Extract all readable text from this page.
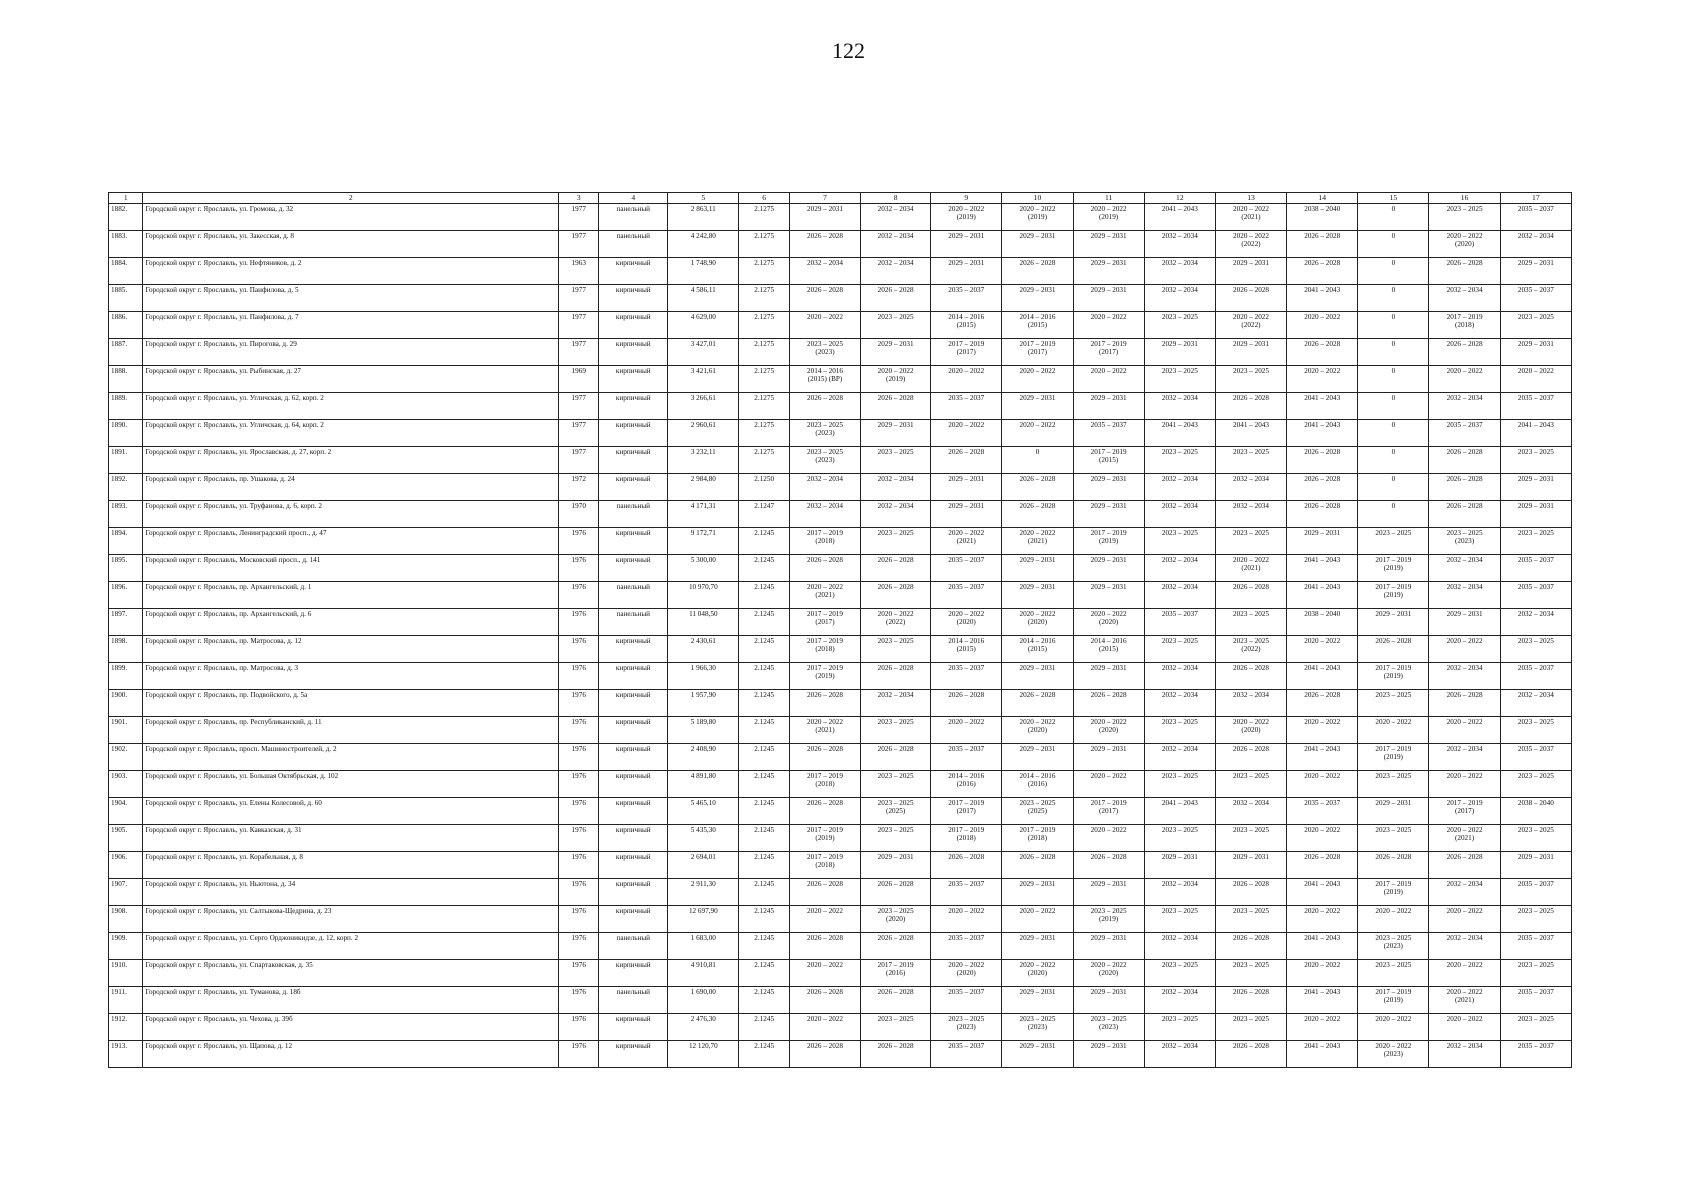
122
1	2	3	4	5	6	7	8	9	10	11	12	13	14	15	16	17
1882.	Городской округ г. Ярославль, ул. Громова, д. 32	1977	панельный	2 863,11	2.1275	2029 – 2031	2032 – 2034	2020 – 2022
(2019)	2020 – 2022
(2019)	2020 – 2022
(2019)	2041 – 2043	2020 – 2022
(2021)	2038 – 2040	0	2023 – 2025	2035 – 2037
1883.	Городской округ г. Ярославль, ул. Закесская, д. 8	1977	панельный	4 242,80	2.1275	2026 – 2028	2032 – 2034	2029 – 2031	2029 – 2031	2029 – 2031	2032 – 2034	2020 – 2022
(2022)	2026 – 2028	0	2020 – 2022
(2020)	2032 – 2034
1884.	Городской округ г. Ярославль, ул. Нефтяников, д. 2	1963	кирпичный	1 748,90	2.1275	2032 – 2034	2032 – 2034	2029 – 2031	2026 – 2028	2029 – 2031	2032 – 2034	2029 – 2031	2026 – 2028	0	2026 – 2028	2029 – 2031
1885.	Городской округ г. Ярославль, ул. Панфилова, д. 5	1977	кирпичный	4 586,11	2.1275	2026 – 2028	2026 – 2028	2035 – 2037	2029 – 2031	2029 – 2031	2032 – 2034	2026 – 2028	2041 – 2043	0	2032 – 2034	2035 – 2037
1886.	Городской округ г. Ярославль, ул. Панфилова, д. 7	1977	кирпичный	4 629,00	2.1275	2020 – 2022	2023 – 2025	2014 – 2016
(2015)	2014 – 2016
(2015)	2020 – 2022	2023 – 2025	2020 – 2022
(2022)	2020 – 2022	0	2017 – 2019
(2018)	2023 – 2025
1887.	Городской округ г. Ярославль, ул. Пирогова, д. 29	1977	кирпичный	3 427,01	2.1275	2023 – 2025
(2023)	2029 – 2031	2017 – 2019
(2017)	2017 – 2019
(2017)	2017 – 2019
(2017)	2029 – 2031	2029 – 2031	2026 – 2028	0	2026 – 2028	2029 – 2031
1888.	Городской округ г. Ярославль, ул. Рыбинская, д. 27	1969	кирпичный	3 421,61	2.1275	2014 – 2016
(2015) (ВР)	2020 – 2022
(2019)	2020 – 2022	2020 – 2022	2020 – 2022	2023 – 2025	2023 – 2025	2020 – 2022	0	2020 – 2022	2020 – 2022
1889.	Городской округ г. Ярославль, ул. Угличская, д. 62, корп. 2	1977	кирпичный	3 266,61	2.1275	2026 – 2028	2026 – 2028	2035 – 2037	2029 – 2031	2029 – 2031	2032 – 2034	2026 – 2028	2041 – 2043	0	2032 – 2034	2035 – 2037
1890.	Городской округ г. Ярославль, ул. Угличская, д. 64, корп. 2	1977	кирпичный	2 960,61	2.1275	2023 – 2025
(2023)	2029 – 2031	2020 – 2022	2020 – 2022	2035 – 2037	2041 – 2043	2041 – 2043	2041 – 2043	0	2035 – 2037	2041 – 2043
1891.	Городской округ г. Ярославль, ул. Ярославская, д. 27, корп. 2	1977	кирпичный	3 232,11	2.1275	2023 – 2025
(2023)	2023 – 2025	2026 – 2028	0	2017 – 2019
(2015)	2023 – 2025	2023 – 2025	2026 – 2028	0	2026 – 2028	2023 – 2025
1892.	Городской округ г. Ярославль, пр. Ушакова, д. 24	1972	кирпичный	2 984,80	2.1250	2032 – 2034	2032 – 2034	2029 – 2031	2026 – 2028	2029 – 2031	2032 – 2034	2032 – 2034	2026 – 2028	0	2026 – 2028	2029 – 2031
1893.	Городской округ г. Ярославль, ул. Труфанова, д. 6, корп. 2	1970	панельный	4 171,31	2.1247	2032 – 2034	2032 – 2034	2029 – 2031	2026 – 2028	2029 – 2031	2032 – 2034	2032 – 2034	2026 – 2028	0	2026 – 2028	2029 – 2031
1894.	Городской округ г. Ярославль, Ленинградский просп., д. 47	1976	кирпичный	9 172,71	2.1245	2017 – 2019
(2018)	2023 – 2025	2020 – 2022
(2021)	2020 – 2022
(2021)	2017 – 2019
(2019)	2023 – 2025	2023 – 2025	2029 – 2031	2023 – 2025	2023 – 2025
(2023)	2023 – 2025
1895.	Городской округ г. Ярославль, Московский просп., д. 141	1976	кирпичный	5 300,00	2.1245	2026 – 2028	2026 – 2028	2035 – 2037	2029 – 2031	2029 – 2031	2032 – 2034	2020 – 2022
(2021)	2041 – 2043	2017 – 2019
(2019)	2032 – 2034	2035 – 2037
1896.	Городской округ г. Ярославль, пр. Архангельский, д. 1	1976	панельный	10 970,70	2.1245	2020 – 2022
(2021)	2026 – 2028	2035 – 2037	2029 – 2031	2029 – 2031	2032 – 2034	2026 – 2028	2041 – 2043	2017 – 2019
(2019)	2032 – 2034	2035 – 2037
1897.	Городской округ г. Ярославль, пр. Архангельский, д. 6	1976	панельный	11 048,50	2.1245	2017 – 2019
(2017)	2020 – 2022
(2022)	2020 – 2022
(2020)	2020 – 2022
(2020)	2020 – 2022
(2020)	2035 – 2037	2023 – 2025	2038 – 2040	2029 – 2031	2029 – 2031	2032 – 2034
1898.	Городской округ г. Ярославль, пр. Матросова, д. 12	1976	кирпичный	2 430,61	2.1245	2017 – 2019
(2018)	2023 – 2025	2014 – 2016
(2015)	2014 – 2016
(2015)	2014 – 2016
(2015)	2023 – 2025	2023 – 2025
(2022)	2020 – 2022	2026 – 2028	2020 – 2022	2023 – 2025
1899.	Городской округ г. Ярославль, пр. Матросова, д. 3	1976	кирпичный	1 966,30	2.1245	2017 – 2019
(2019)	2026 – 2028	2035 – 2037	2029 – 2031	2029 – 2031	2032 – 2034	2026 – 2028	2041 – 2043	2017 – 2019
(2019)	2032 – 2034	2035 – 2037
1900.	Городской округ г. Ярославль, пр. Подвойского, д. 5а	1976	кирпичный	1 957,90	2.1245	2026 – 2028	2032 – 2034	2026 – 2028	2026 – 2028	2026 – 2028	2032 – 2034	2032 – 2034	2026 – 2028	2023 – 2025	2026 – 2028	2032 – 2034
1901.	Городской округ г. Ярославль, пр. Республиканский, д. 11	1976	кирпичный	5 189,80	2.1245	2020 – 2022
(2021)	2023 – 2025	2020 – 2022	2020 – 2022
(2020)	2020 – 2022
(2020)	2023 – 2025	2020 – 2022
(2020)	2020 – 2022	2020 – 2022	2020 – 2022	2023 – 2025
1902.	Городской округ г. Ярославль, просп. Машиностроителей, д. 2	1976	кирпичный	2 408,90	2.1245	2026 – 2028	2026 – 2028	2035 – 2037	2029 – 2031	2029 – 2031	2032 – 2034	2026 – 2028	2041 – 2043	2017 – 2019
(2019)	2032 – 2034	2035 – 2037
1903.	Городской округ г. Ярославль, ул. Большая Октябрьская, д. 102	1976	кирпичный	4 891,80	2.1245	2017 – 2019
(2018)	2023 – 2025	2014 – 2016
(2016)	2014 – 2016
(2016)	2020 – 2022	2023 – 2025	2023 – 2025	2020 – 2022	2023 – 2025	2020 – 2022	2023 – 2025
1904.	Городской округ г. Ярославль, ул. Елены Колесовой, д. 60	1976	кирпичный	5 465,10	2.1245	2026 – 2028	2023 – 2025
(2025)	2017 – 2019
(2017)	2023 – 2025
(2025)	2017 – 2019
(2017)	2041 – 2043	2032 – 2034	2035 – 2037	2029 – 2031	2017 – 2019
(2017)	2038 – 2040
1905.	Городской округ г. Ярославль, ул. Кавказская, д. 31	1976	кирпичный	5 435,30	2.1245	2017 – 2019
(2019)	2023 – 2025	2017 – 2019
(2018)	2017 – 2019
(2018)	2020 – 2022	2023 – 2025	2023 – 2025	2020 – 2022	2023 – 2025	2020 – 2022
(2021)	2023 – 2025
1906.	Городской округ г. Ярославль, ул. Корабельная, д. 8	1976	кирпичный	2 694,01	2.1245	2017 – 2019
(2018)	2029 – 2031	2026 – 2028	2026 – 2028	2026 – 2028	2029 – 2031	2029 – 2031	2026 – 2028	2026 – 2028	2026 – 2028	2029 – 2031
1907.	Городской округ г. Ярославль, ул. Ньютона, д. 34	1976	кирпичный	2 911,30	2.1245	2026 – 2028	2026 – 2028	2035 – 2037	2029 – 2031	2029 – 2031	2032 – 2034	2026 – 2028	2041 – 2043	2017 – 2019
(2019)	2032 – 2034	2035 – 2037
1908.	Городской округ г. Ярославль, ул. Салтыкова-Щедрина, д. 23	1976	кирпичный	12 697,90	2.1245	2020 – 2022	2023 – 2025
(2020)	2020 – 2022	2020 – 2022	2023 – 2025
(2019)	2023 – 2025	2023 – 2025	2020 – 2022	2020 – 2022	2020 – 2022	2023 – 2025
1909.	Городской округ г. Ярославль, ул. Серго Орджоникидзе, д. 12, корп. 2	1976	панельный	1 683,00	2.1245	2026 – 2028	2026 – 2028	2035 – 2037	2029 – 2031	2029 – 2031	2032 – 2034	2026 – 2028	2041 – 2043	2023 – 2025
(2023)	2032 – 2034	2035 – 2037
1910.	Городской округ г. Ярославль, ул. Спартаковская, д. 35	1976	кирпичный	4 910,81	2.1245	2020 – 2022	2017 – 2019
(2016)	2020 – 2022
(2020)	2020 – 2022
(2020)	2020 – 2022
(2020)	2023 – 2025	2023 – 2025	2020 – 2022	2023 – 2025	2020 – 2022	2023 – 2025
1911.	Городской округ г. Ярославль, ул. Туманова, д. 18б	1976	панельный	1 690,00	2.1245	2026 – 2028	2026 – 2028	2035 – 2037	2029 – 2031	2029 – 2031	2032 – 2034	2026 – 2028	2041 – 2043	2017 – 2019
(2019)	2020 – 2022
(2021)	2035 – 2037
1912.	Городской округ г. Ярославль, ул. Чехова, д. 39б	1976	кирпичный	2 476,30	2.1245	2020 – 2022	2023 – 2025	2023 – 2025
(2023)	2023 – 2025
(2023)	2023 – 2025
(2023)	2023 – 2025	2023 – 2025	2020 – 2022	2020 – 2022	2020 – 2022	2023 – 2025
1913.	Городской округ г. Ярославль, ул. Щапова, д. 12	1976	кирпичный	12 120,70	2.1245	2026 – 2028	2026 – 2028	2035 – 2037	2029 – 2031	2029 – 2031	2032 – 2034	2026 – 2028	2041 – 2043	2020 – 2022
(2023)	2032 – 2034	2035 – 2037
